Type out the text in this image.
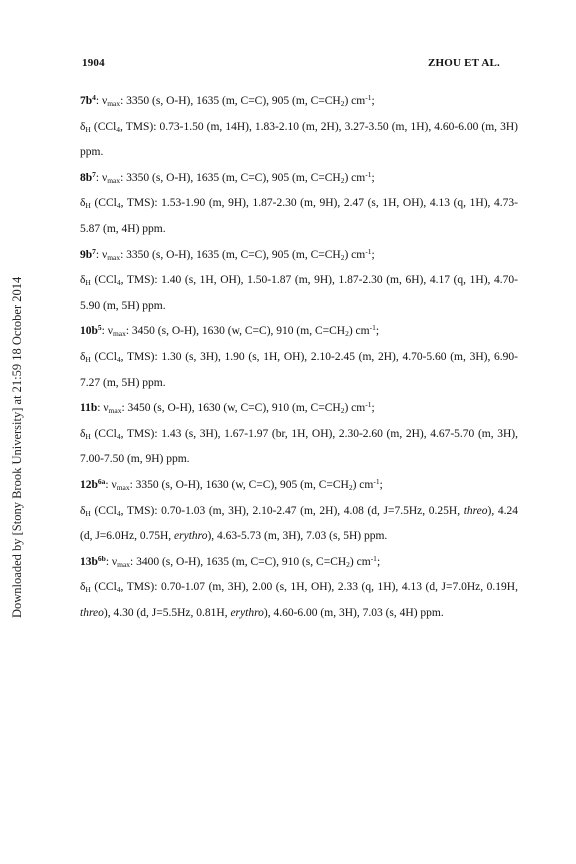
1904	ZHOU ET AL.
Downloaded by [Stony Brook University] at 21:59 18 October 2014

$7b^4$: $\nu_{max}$: 3350 (s, O-H), 1635 (m, C=C), 905 (m, $C=CH_2$) $cm^{-1}$;

$\delta_H$ (CCl$_4$, TMS): 0.73-1.50 (m, 14H), 1.83-2.10 (m, 2H), 3.27-3.50 (m, 1H), 4.60-6.00 (m, 3H) ppm.

$8b^7$: $\nu_{max}$: 3350 (s, O-H), 1635 (m, C=C), 905 (m, $C=CH_2$) $cm^{-1}$;

$\delta_H$ (CCl$_4$, TMS): 1.53-1.90 (m, 9H), 1.87-2.30 (m, 9H), 2.47 (s, 1H, OH), 4.13 (q, 1H), 4.73-5.87 (m, 4H) ppm.

$9b^7$: $\nu_{max}$: 3350 (s, O-H), 1635 (m, C=C), 905 (m, $C=CH_2$) $cm^{-1}$;

$\delta_H$ (CCl$_4$, TMS): 1.40 (s, 1H, OH), 1.50-1.87 (m, 9H), 1.87-2.30 (m, 6H), 4.17 (q, 1H), 4.70-5.90 (m, 5H) ppm.

$10b^5$: $\nu_{max}$: 3450 (s, O-H), 1630 (w, C=C), 910 (m, $C=CH_2$) $cm^{-1}$;

$\delta_H$ (CCl$_4$, TMS): 1.30 (s, 3H), 1.90 (s, 1H, OH), 2.10-2.45 (m, 2H), 4.70-5.60 (m, 3H), 6.90-7.27 (m, 5H) ppm.

11b: $\nu_{max}$: 3450 (s, O-H), 1630 (w, C=C), 910 (m, $C=CH_2$) $cm^{-1}$;

$\delta_H$ (CCl$_4$, TMS): 1.43 (s, 3H), 1.67-1.97 (br, 1H, OH), 2.30-2.60 (m, 2H), 4.67-5.70 (m, 3H), 7.00-7.50 (m, 9H) ppm.

$12b^{6a}$: $\nu_{max}$: 3350 (s, O-H), 1630 (w, C=C), 905 (m, $C=CH_2$) $cm^{-1}$;

$\delta_H$ (CCl$_4$, TMS): 0.70-1.03 (m, 3H), 2.10-2.47 (m, 2H), 4.08 (d, J=7.5Hz, 0.25H, threo), 4.24 (d, J=6.0Hz, 0.75H, erythro), 4.63-5.73 (m, 3H), 7.03 (s, 5H) ppm.

$13b^{6b}$: $\nu_{max}$: 3400 (s, O-H), 1635 (m, C=C), 910 (s, $C=CH_2$) $cm^{-1}$;

$\delta_H$ (CCl$_4$, TMS): 0.70-1.07 (m, 3H), 2.00 (s, 1H, OH), 2.33 (q, 1H), 4.13 (d, J=7.0Hz, 0.19H, threo), 4.30 (d, J=5.5Hz, 0.81H, erythro), 4.60-6.00 (m, 3H), 7.03 (s, 4H) ppm.
